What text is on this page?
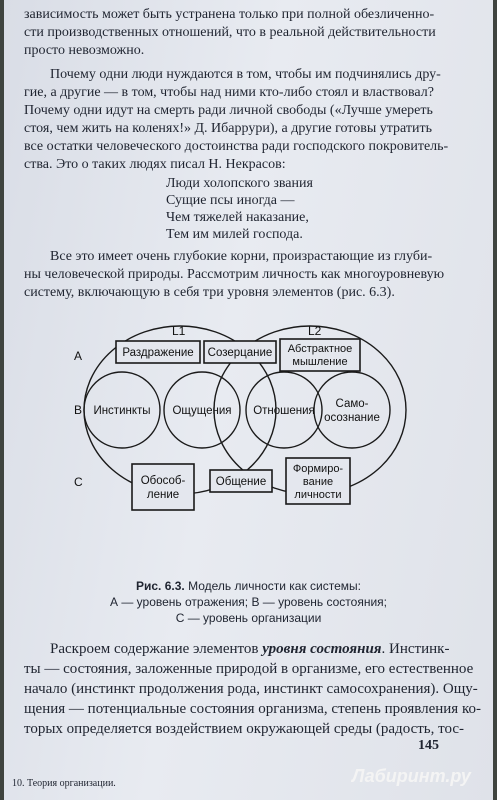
зависимость может быть устранена только при полной обезличенно-
сти производственных отношений, что в реальной действительности
просто невозможно.
Почему одни люди нуждаются в том, чтобы им подчинялись дру-
гие, а другие — в том, чтобы над ними кто-либо стоял и властвовал?
Почему одни идут на смерть ради личной свободы («Лучше умереть
стоя, чем жить на коленях!» Д. Ибаррури), а другие готовы утратить
все остатки человеческого достоинства ради господского покровитель-
ства. Это о таких людях писал Н. Некрасов:
Люди холопского звания
Сущие псы иногда —
Чем тяжелей наказание,
Тем им милей господа.
Все это имеет очень глубокие корни, произрастающие из глуби-
ны человеческой природы. Рассмотрим личность как многоуровневую
систему, включающую в себя три уровня элементов (рис. 6.3).
L1	L2
А
В
С
Раздражение Созерцание Абстрактное
мышление
Инстинкты Ощущения Отношения
Само-
осознание
Обособ-
ление
Общение
Формиро-
вание
личности
Рис. 6.3. Модель личности как системы:
А — уровень отражения; В — уровень состояния;
С — уровень организации
Раскроем содержание элементов уровня состояния. Инстинк-
ты — состояния, заложенные природой в организме, его естественное
начало (инстинкт продолжения рода, инстинкт самосохранения). Ощу-
щения — потенциальные состояния организма, степень проявления ко-
торых определяется воздействием окружающей среды (радость, тос-
145
10. Теория организации.	Лабиринт.ру
